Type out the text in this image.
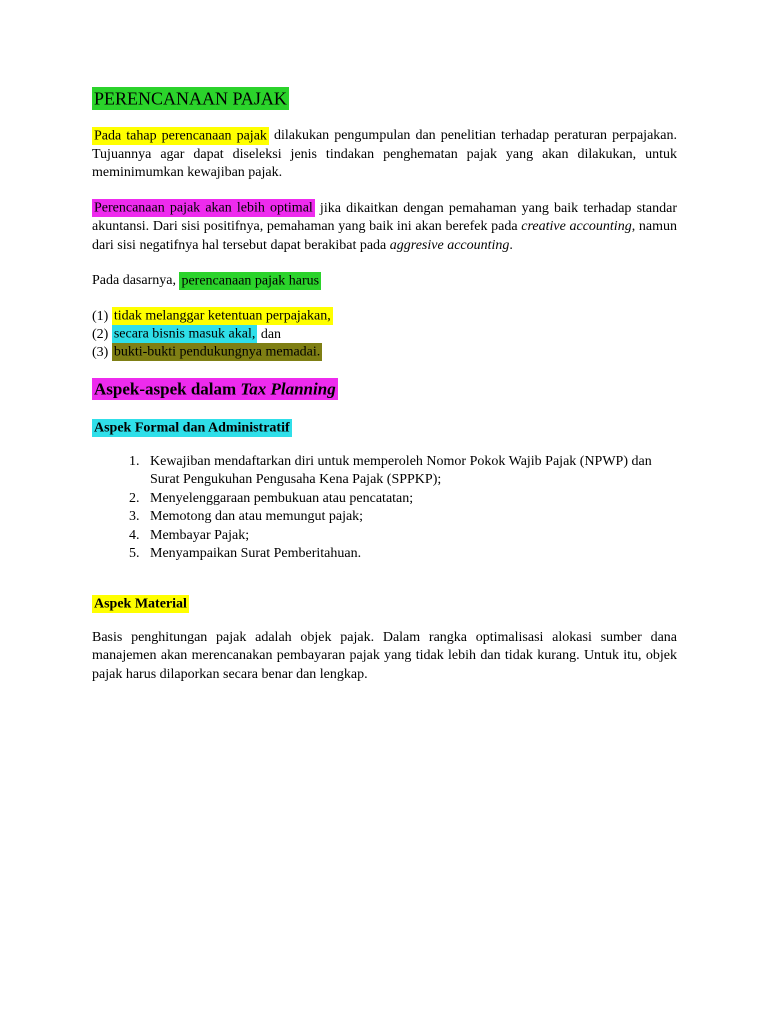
PERENCANAAN PAJAK

Pada tahap perencanaan pajak dilakukan pengumpulan dan penelitian terhadap peraturan perpajakan. Tujuannya agar dapat diseleksi jenis tindakan penghematan pajak yang akan dilakukan, untuk meminimumkan kewajiban pajak.

Perencanaan pajak akan lebih optimal jika dikaitkan dengan pemahaman yang baik terhadap standar akuntansi. Dari sisi positifnya, pemahaman yang baik ini akan berefek pada creative accounting, namun dari sisi negatifnya hal tersebut dapat berakibat pada aggresive accounting.

Pada dasarnya, perencanaan pajak harus

(1) tidak melanggar ketentuan perpajakan,
(2) secara bisnis masuk akal, dan
(3) bukti-bukti pendukungnya memadai.
Aspek-aspek dalam Tax Planning
Aspek Formal dan Administratif
1. Kewajiban mendaftarkan diri untuk memperoleh Nomor Pokok Wajib Pajak (NPWP) dan Surat Pengukuhan Pengusaha Kena Pajak (SPPKP);
2. Menyelenggaraan pembukuan atau pencatatan;
3. Memotong dan atau memungut pajak;
4. Membayar Pajak;
5. Menyampaikan Surat Pemberitahuan.
Aspek Material

Basis penghitungan pajak adalah objek pajak. Dalam rangka optimalisasi alokasi sumber dana manajemen akan merencanakan pembayaran pajak yang tidak lebih dan tidak kurang. Untuk itu, objek pajak harus dilaporkan secara benar dan lengkap.
